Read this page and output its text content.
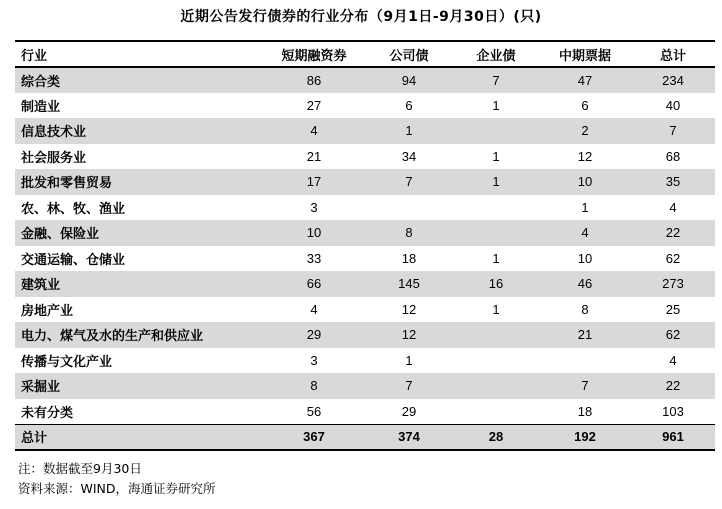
近期公告发行债券的行业分布（9月1日-9月30日）(只)
行业	短期融资券	公司债	企业债	中期票据	总计
综合类	86	94	7	47	234
制造业	27	6	1	6	40
信息技术业	4	1		2	7
社会服务业	21	34	1	12	68
批发和零售贸易	17	7	1	10	35
农、林、牧、渔业	3			1	4
金融、保险业	10	8		4	22
交通运输、仓储业	33	18	1	10	62
建筑业	66	145	16	46	273
房地产业	4	12	1	8	25
电力、煤气及水的生产和供应业	29	12		21	62
传播与文化产业	3	1			4
采掘业	8	7		7	22
未有分类	56	29		18	103
总计	367	374	28	192	961
注：数据截至9月30日
资料来源：WIND，海通证券研究所
